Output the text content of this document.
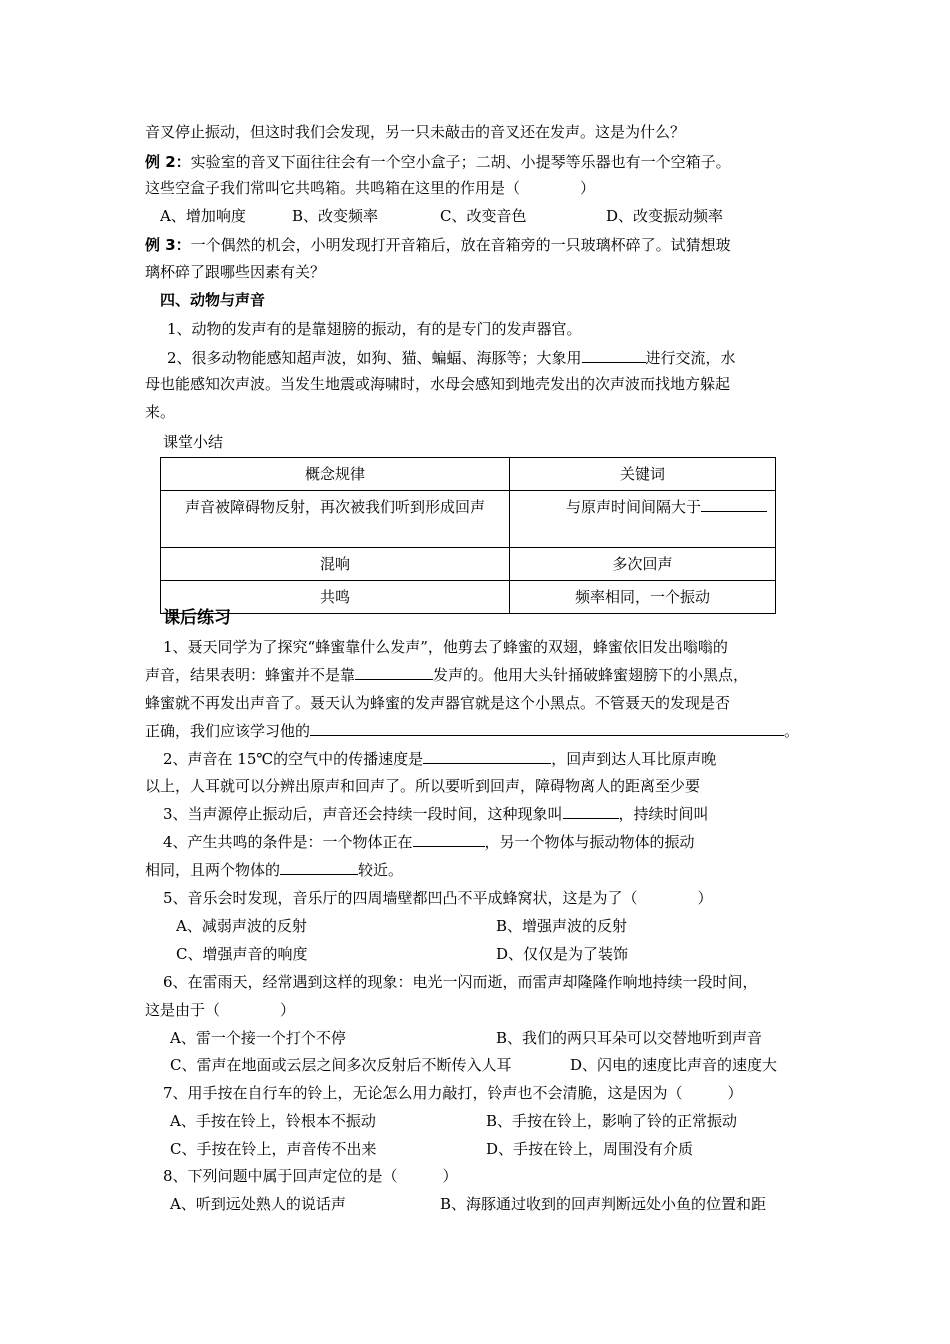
音叉停止振动，但这时我们会发现，另一只未敲击的音叉还在发声。这是为什么？
例 2：实验室的音叉下面往往会有一个空小盒子；二胡、小提琴等乐器也有一个空箱子。
这些空盒子我们常叫它共鸣箱。共鸣箱在这里的作用是（　　　　）
A、增加响度	B、改变频率	C、改变音色	D、改变振动频率
例 3：一个偶然的机会，小明发现打开音箱后，放在音箱旁的一只玻璃杯碎了。试猜想玻
璃杯碎了跟哪些因素有关？
四、动物与声音
1、动物的发声有的是靠翅膀的振动，有的是专门的发声器官。
2、很多动物能感知超声波，如狗、猫、蝙蝠、海豚等；大象用	进行交流，水
母也能感知次声波。当发生地震或海啸时，水母会感知到地壳发出的次声波而找地方躲起
来。
课堂小结
概念规律	关键词
声音被障碍物反射，再次被我们听到形成回声	与原声时间间隔大于
混响	多次回声
共鸣	频率相同，一个振动
课后练习
1、聂天同学为了探究“蜂蜜靠什么发声”，他剪去了蜂蜜的双翅，蜂蜜依旧发出嗡嗡的
声音，结果表明：蜂蜜并不是靠	发声的。他用大头针捅破蜂蜜翅膀下的小黑点，
蜂蜜就不再发出声音了。聂天认为蜂蜜的发声器官就是这个小黑点。不管聂天的发现是否
正确，我们应该学习他的	。
2、声音在 15℃的空气中的传播速度是	，回声到达人耳比原声晚
以上，人耳就可以分辨出原声和回声了。所以要听到回声，障碍物离人的距离至少要
3、当声源停止振动后，声音还会持续一段时间，这种现象叫	，持续时间叫
4、产生共鸣的条件是：一个物体正在	，另一个物体与振动物体的振动
相同，且两个物体的	较近。
5、音乐会时发现，音乐厅的四周墙壁都凹凸不平成蜂窝状，这是为了（　　　　）
A、减弱声波的反射	B、增强声波的反射
C、增强声音的响度	D、仅仅是为了装饰
6、在雷雨天，经常遇到这样的现象：电光一闪而逝，而雷声却隆隆作响地持续一段时间，
这是由于（　　　　）
A、雷一个接一个打个不停	B、我们的两只耳朵可以交替地听到声音
C、雷声在地面或云层之间多次反射后不断传入人耳	D、闪电的速度比声音的速度大
7、用手按在自行车的铃上，无论怎么用力敲打，铃声也不会清脆，这是因为（　　　）
A、手按在铃上，铃根本不振动	B、手按在铃上，影响了铃的正常振动
C、手按在铃上，声音传不出来	D、手按在铃上，周围没有介质
8、下列问题中属于回声定位的是（　　　）
A、听到远处熟人的说话声	B、海豚通过收到的回声判断远处小鱼的位置和距
